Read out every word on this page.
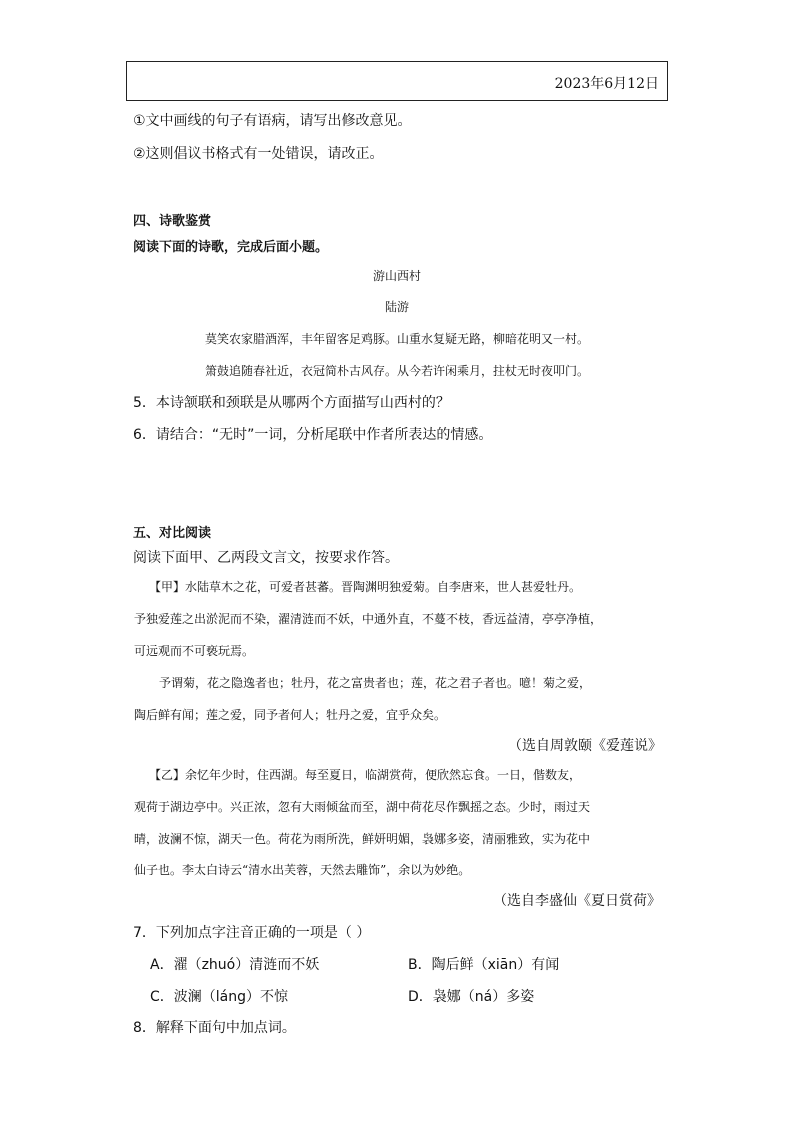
2023年6月12日
①文中画线的句子有语病，请写出修改意见。
②这则倡议书格式有一处错误，请改正。
四、诗歌鉴赏
阅读下面的诗歌，完成后面小题。
游山西村
陆游
莫笑农家腊酒浑，丰年留客足鸡豚。山重水复疑无路，柳暗花明又一村。
箫鼓追随春社近，衣冠简朴古风存。从今若许闲乘月，拄杖无时夜叩门。
5．本诗颔联和颈联是从哪两个方面描写山西村的？
6．请结合：“无时”一词，分析尾联中作者所表达的情感。
五、对比阅读
阅读下面甲、乙两段文言文，按要求作答。
【甲】水陆草木之花，可爱者甚蕃。晋陶渊明独爱菊。自李唐来，世人甚爱牡丹。
予独爱莲之出淤泥而不染，濯清涟而不妖，中通外直，不蔓不枝，香远益清，亭亭净植，
可远观而不可亵玩焉。
予谓菊，花之隐逸者也；牡丹，花之富贵者也；莲，花之君子者也。噫！菊之爱，
陶后鲜有闻；莲之爱，同予者何人；牡丹之爱，宜乎众矣。
（选自周敦颐《爱莲说》
【乙】余忆年少时，住西湖。每至夏日，临湖赏荷，便欣然忘食。一日，偕数友，
观荷于湖边亭中。兴正浓，忽有大雨倾盆而至，湖中荷花尽作飘摇之态。少时，雨过天
晴，波澜不惊，湖天一色。荷花为雨所洗，鲜妍明媚，袅娜多姿，清丽雅致，实为花中
仙子也。李太白诗云“清水出芙蓉，天然去雕饰”，余以为妙绝。
（选自李盛仙《夏日赏荷》
7．下列加点字注音正确的一项是（ ）
A．濯（zhuó）清涟而不妖	B．陶后鲜（xiān）有闻
C．波澜（láng）不惊	D．袅娜（ná）多姿
8．解释下面句中加点词。
